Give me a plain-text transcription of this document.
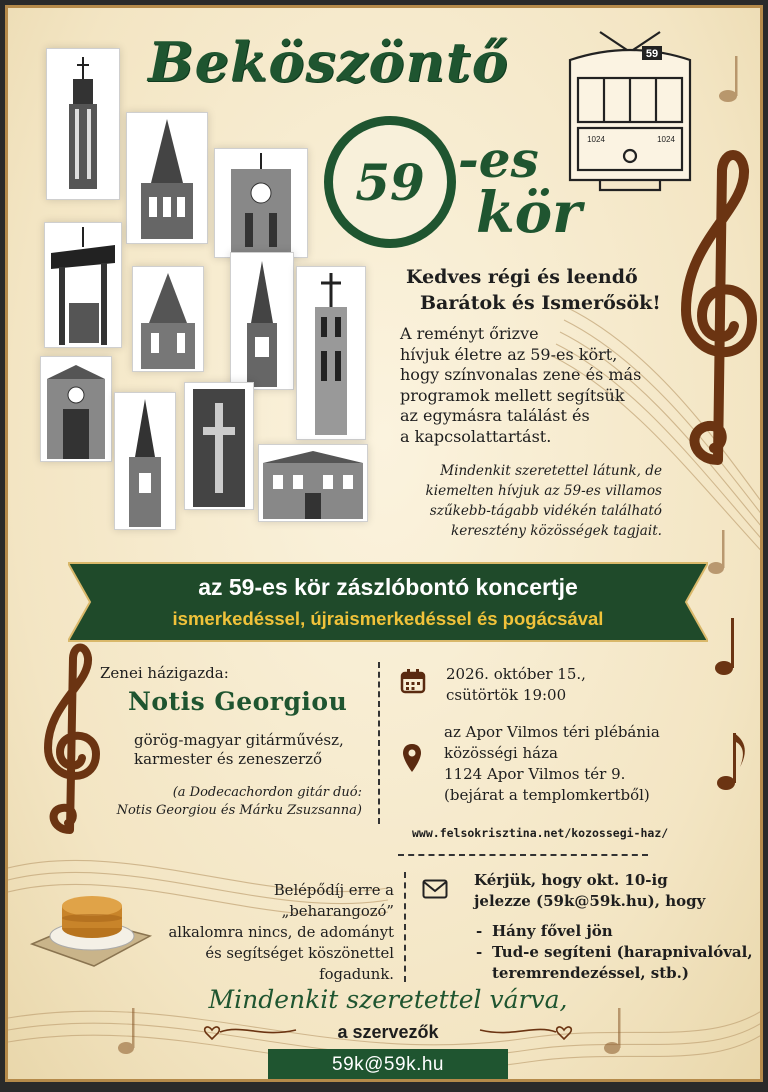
Beköszöntő
59 -es
kör
59
1024	1024
Kedves régi és leendő
Barátok és Ismerősök!
A reményt őrizve
hívjuk életre az 59-es kört,
hogy színvonalas zene és más
programok mellett segítsük
az egymásra találást és
a kapcsolattartást.
Mindenkit szeretettel látunk, de
kiemelten hívjuk az 59-es villamos
szűkebb-tágabb vidékén található
keresztény közösségek tagjait.
az 59-es kör zászlóbontó koncertje
ismerkedéssel, újraismerkedéssel és pogácsával
Zenei házigazda:
Notis Georgiou
görög-magyar gitárművész,
karmester és zeneszerző
(a Dodecachordon gitár duó:
Notis Georgiou és Márku Zsuzsanna)
2026. október 15.,
csütörtök 19:00
az Apor Vilmos téri plébánia
közösségi háza
1124 Apor Vilmos tér 9.
(bejárat a templomkertből)
www.felsokrisztina.net/kozossegi-haz/
Belépődíj erre a „beharangozó”
alkalomra nincs, de adományt
és segítséget köszönettel
fogadunk.
Kérjük, hogy okt. 10-ig
jelezze (59k@59k.hu), hogy
- Hány fővel jön
- Tud-e segíteni (harapnivalóval,
teremrendezéssel, stb.)
Mindenkit szeretettel várva,
a szervezők
59k@59k.hu
